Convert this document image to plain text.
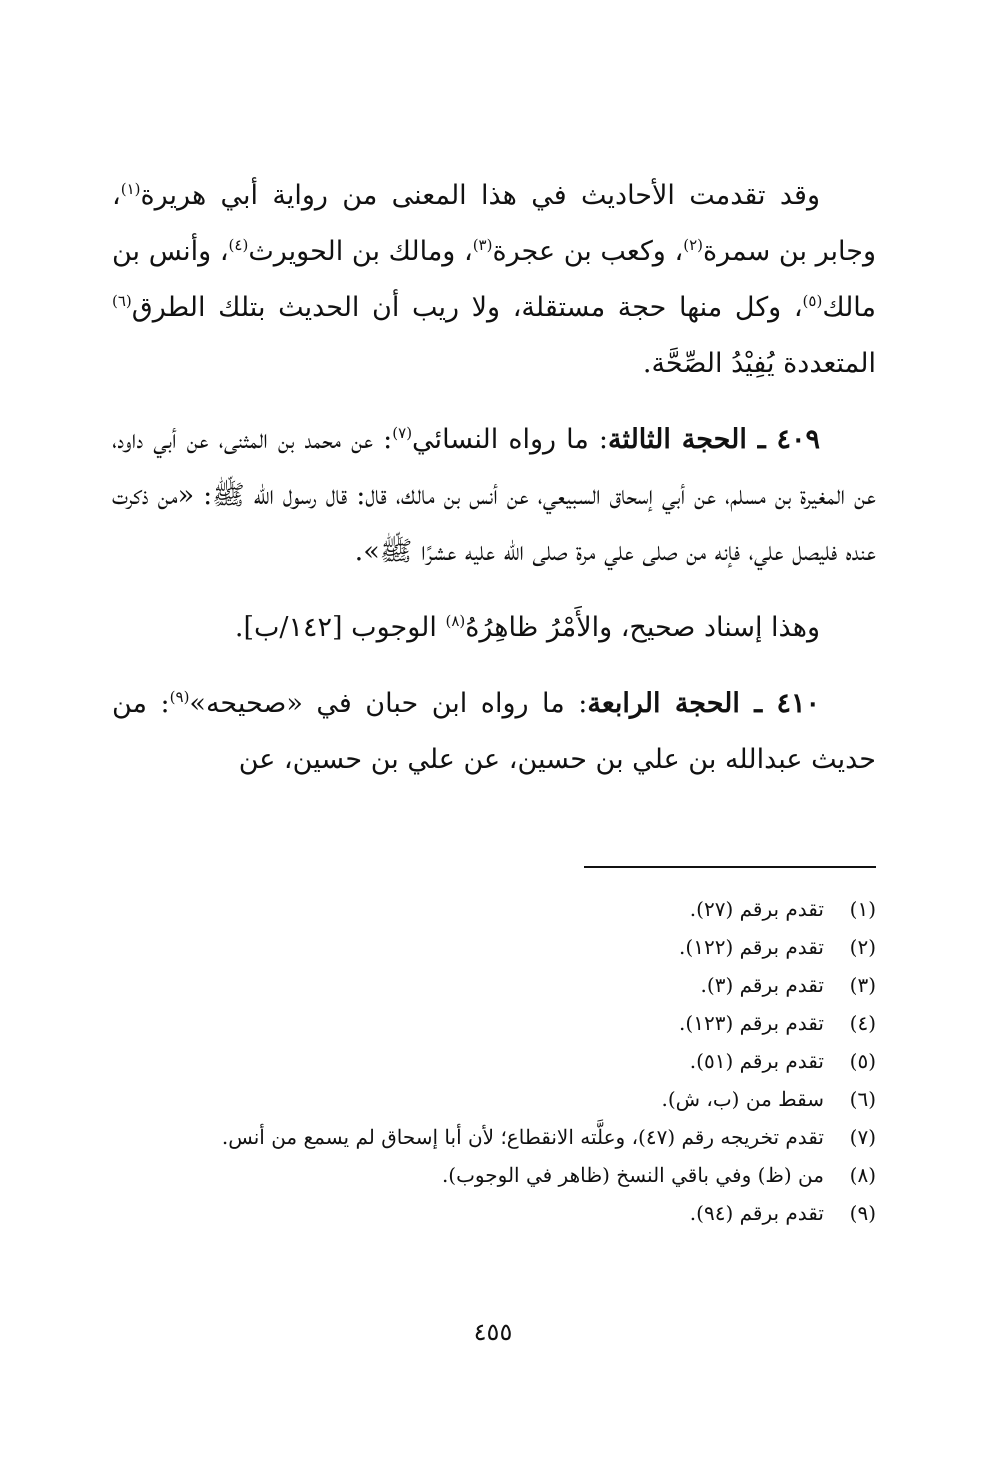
وقد تقدمت الأحاديث في هذا المعنى من رواية أبي هريرة$^{(١)}$، وجابر بن سمرة$^{(٢)}$، وكعب بن عجرة$^{(٣)}$، ومالك بن الحويرث$^{(٤)}$، وأنس بن مالك$^{(٥)}$، وكل منها حجة مستقلة، ولا ريب أن الحديث بتلك الطرق$^{(٦)}$ المتعددة يُفِيْدُ الصِّحَّة.

٤٠٩ ـ الحجة الثالثة: ما رواه النسائي$^{(٧)}$: عن محمد بن المثنى، عن أبي داود، عن المغيرة بن مسلم، عن أبي إسحاق السبيعي، عن أنس بن مالك، قال: قال رسول الله ﷺ: «من ذكرت عنده فليصل علي، فإنه من صلى علي مرة صلى الله عليه عشرًا ﷺ».

وهذا إسناد صحيح، والأَمْرُ ظاهِرُهُ$^{(٨)}$ الوجوب [١٤٢/ب].

٤١٠ ـ الحجة الرابعة: ما رواه ابن حبان في «صحيحه»$^{(٩)}$: من حديث عبدالله بن علي بن حسين، عن علي بن حسين، عن

(١)
تقدم برقم (٢٧).
(٢)
تقدم برقم (١٢٢).
(٣)
تقدم برقم (٣).
(٤)
تقدم برقم (١٢٣).
(٥)
تقدم برقم (٥١).
(٦)
سقط من (ب، ش).
(٧)
تقدم تخريجه رقم (٤٧)، وعلَّته الانقطاع؛ لأن أبا إسحاق لم يسمع من أنس.
(٨)
من (ظ) وفي باقي النسخ (ظاهر في الوجوب).
(٩)
تقدم برقم (٩٤).
٤٥٥
